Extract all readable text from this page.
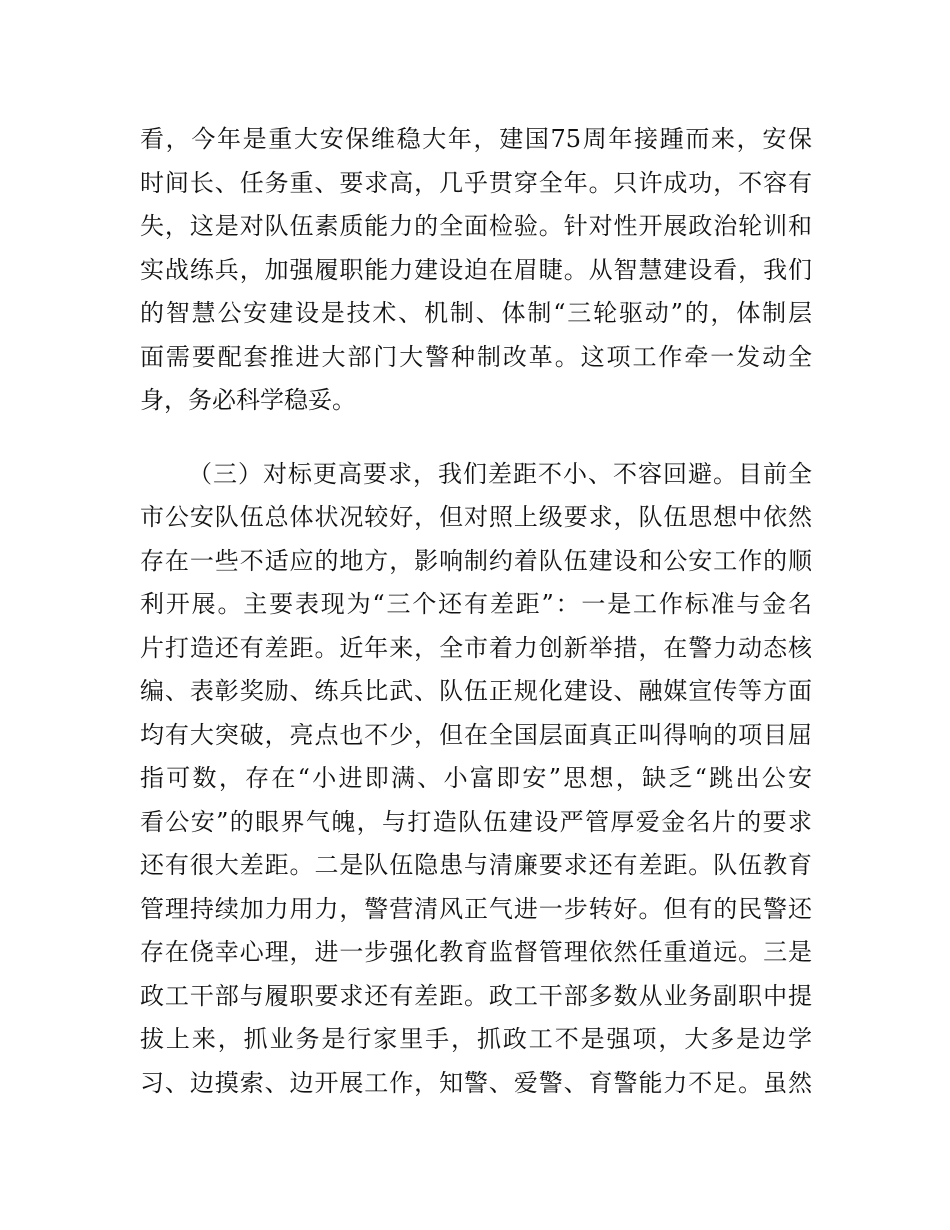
看，今年是重大安保维稳大年，建国75周年接踵而来，安保
时间长、任务重、要求高，几乎贯穿全年。只许成功，不容有
失，这是对队伍素质能力的全面检验。针对性开展政治轮训和
实战练兵，加强履职能力建设迫在眉睫。从智慧建设看，我们
的智慧公安建设是技术、机制、体制“三轮驱动”的，体制层
面需要配套推进大部门大警种制改革。这项工作牵一发动全
身，务必科学稳妥。
（三）对标更高要求，我们差距不小、不容回避。目前全
市公安队伍总体状况较好，但对照上级要求，队伍思想中依然
存在一些不适应的地方，影响制约着队伍建设和公安工作的顺
利开展。主要表现为“三个还有差距”：一是工作标准与金名
片打造还有差距。近年来，全市着力创新举措，在警力动态核
编、表彰奖励、练兵比武、队伍正规化建设、融媒宣传等方面
均有大突破，亮点也不少，但在全国层面真正叫得响的项目屈
指可数，存在“小进即满、小富即安”思想，缺乏“跳出公安
看公安”的眼界气魄，与打造队伍建设严管厚爱金名片的要求
还有很大差距。二是队伍隐患与清廉要求还有差距。队伍教育
管理持续加力用力，警营清风正气进一步转好。但有的民警还
存在侥幸心理，进一步强化教育监督管理依然任重道远。三是
政工干部与履职要求还有差距。政工干部多数从业务副职中提
拔上来，抓业务是行家里手，抓政工不是强项，大多是边学
习、边摸索、边开展工作，知警、爱警、育警能力不足。虽然
